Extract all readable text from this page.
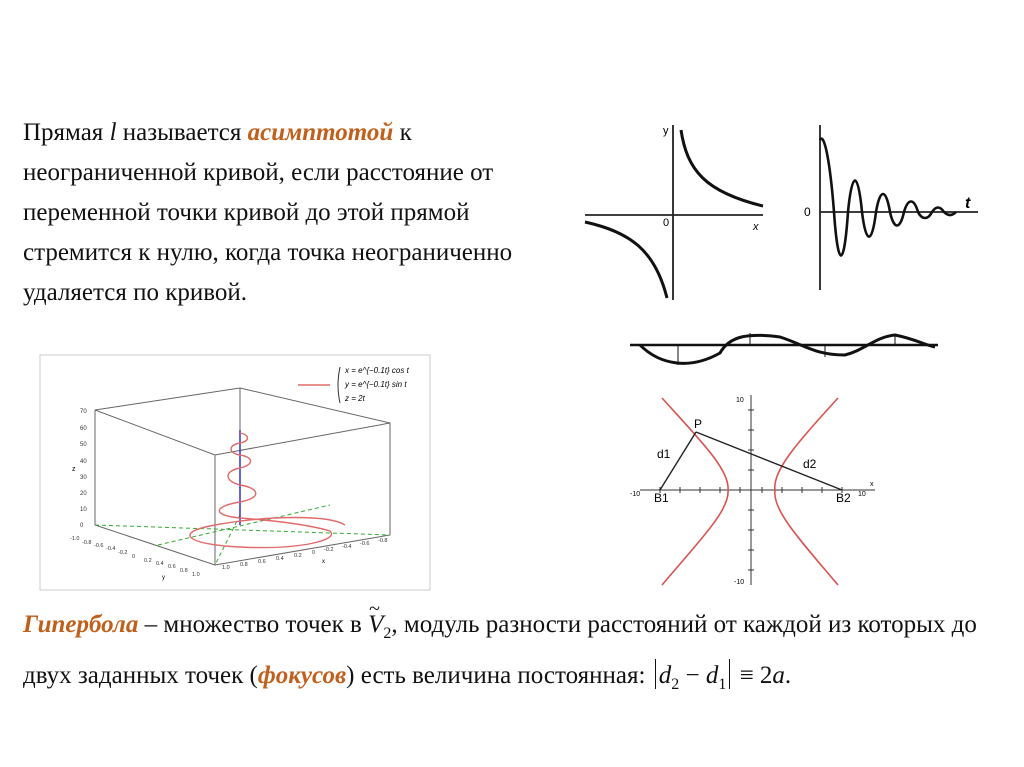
Прямая l называется асимптотой к неограниченной кривой, если расстояние от переменной точки кривой до этой прямой стремится к нулю, когда точка неограниченно удаляется по кривой.

y
x
0
0	t
x = e^{−0.1t} cos t
y = e^{−0.1t} sin t
z = 2t
70
60
50
40
30
20
10
0
z
-1.0
-0.8 -0.6 -0.4
-0.2
0
0.2 0.4 0.6
0.8
1.0
y
1.0 0.8 0.6 0.4 0.2 0 -0.2 -0.4 -0.6 -0.8
x
P
B1	B2
d1
d2
10
-10
-10	10
x

Гипербола – множество точек в ~ $V_2$, модуль разности расстояний от каждой из которых до двух заданных точек (фокусов) есть величина постоянная: $d_2 - d_1 \equiv 2a$.
